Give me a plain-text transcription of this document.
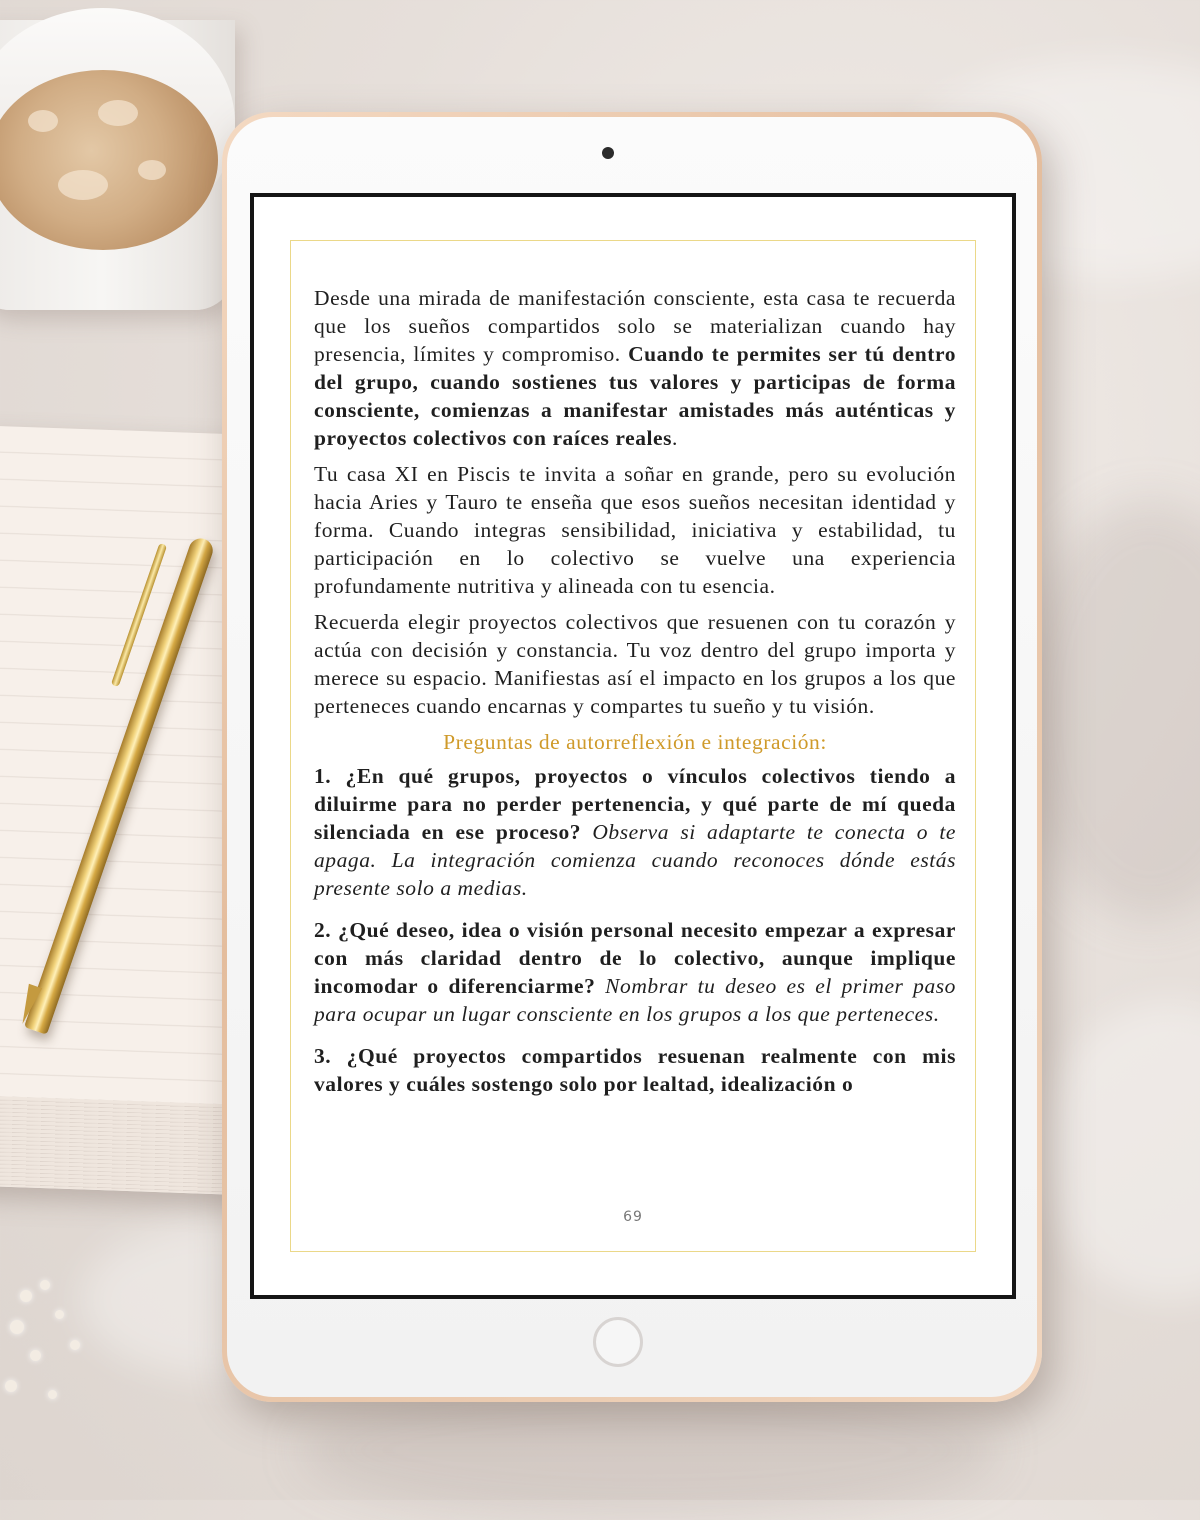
Desde una mirada de manifestación consciente, esta casa te recuerda que los sueños compartidos solo se materializan cuando hay presencia, límites y compromiso. Cuando te permites ser tú dentro del grupo, cuando sostienes tus valores y participas de forma consciente, comienzas a manifestar amistades más auténticas y proyectos colectivos con raíces reales.

Tu casa XI en Piscis te invita a soñar en grande, pero su evolución hacia Aries y Tauro te enseña que esos sueños necesitan identidad y forma. Cuando integras sensibilidad, iniciativa y estabilidad, tu participación en lo colectivo se vuelve una experiencia profundamente nutritiva y alineada con tu esencia.

Recuerda elegir proyectos colectivos que resuenen con tu corazón y actúa con decisión y constancia. Tu voz dentro del grupo importa y merece su espacio. Manifiestas así el impacto en los grupos a los que perteneces cuando encarnas y compartes tu sueño y tu visión.

Preguntas de autorreflexión e integración:

1. ¿En qué grupos, proyectos o vínculos colectivos tiendo a diluirme para no perder pertenencia, y qué parte de mí queda silenciada en ese proceso? Observa si adaptarte te conecta o te apaga. La integración comienza cuando reconoces dónde estás presente solo a medias.

2. ¿Qué deseo, idea o visión personal necesito empezar a expresar con más claridad dentro de lo colectivo, aunque implique incomodar o diferenciarme? Nombrar tu deseo es el primer paso para ocupar un lugar consciente en los grupos a los que perteneces.

3. ¿Qué proyectos compartidos resuenan realmente con mis valores y cuáles sostengo solo por lealtad, idealización o

69
